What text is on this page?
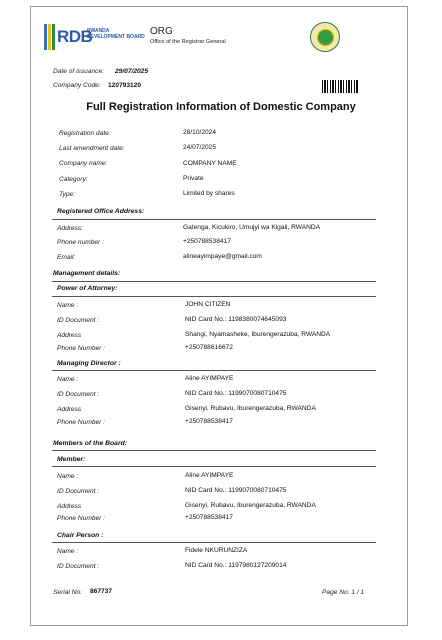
RDB
RWANDA
DEVELOPMENT BOARD ORG
Office of the Registrar General
Date of issuance: 29/07/2025
Company Code: 120793120
Full Registration Information of Domestic Company
Registration date:	28/10/2024
Last amendment date:	24/07/2025
Company name:	COMPANY NAME
Category:	Private
Type:	Limited by shares
Registered Office Address:
Address:	Gatenga, Kicukiro, Umujyi wa Kigali, RWANDA
Phone number :	+250788538417
Email:	alineayimpaye@gmail.com
Management details:
Power of Attorney:
Name :	JOHN CITIZEN
ID Document :	NID Card No.: 1198380074645093
Address	Shangi, Nyamasheke, Iburengerazuba, RWANDA
Phone Number :	+250788616672
Managing Director :
Name :	Aline AYIMPAYE
ID Document :	NID Card No.: 1199070080710475
Address	Gisenyi, Rubavu, Iburengerazuba, RWANDA
Phone Number :	+250788538417
Members of the Board:
Member:
Name :	Aline AYIMPAYE
ID Document :	NID Card No.: 1199070080710475
Address	Gisenyi, Rubavu, Iburengerazuba, RWANDA
Phone Number :	+250788538417
Chair Person :
Name :	Fidele NKURUNZIZA
ID Document :	NID Card No.: 1197980127209014
Serial No: 867737	Page No: 1 / 1
